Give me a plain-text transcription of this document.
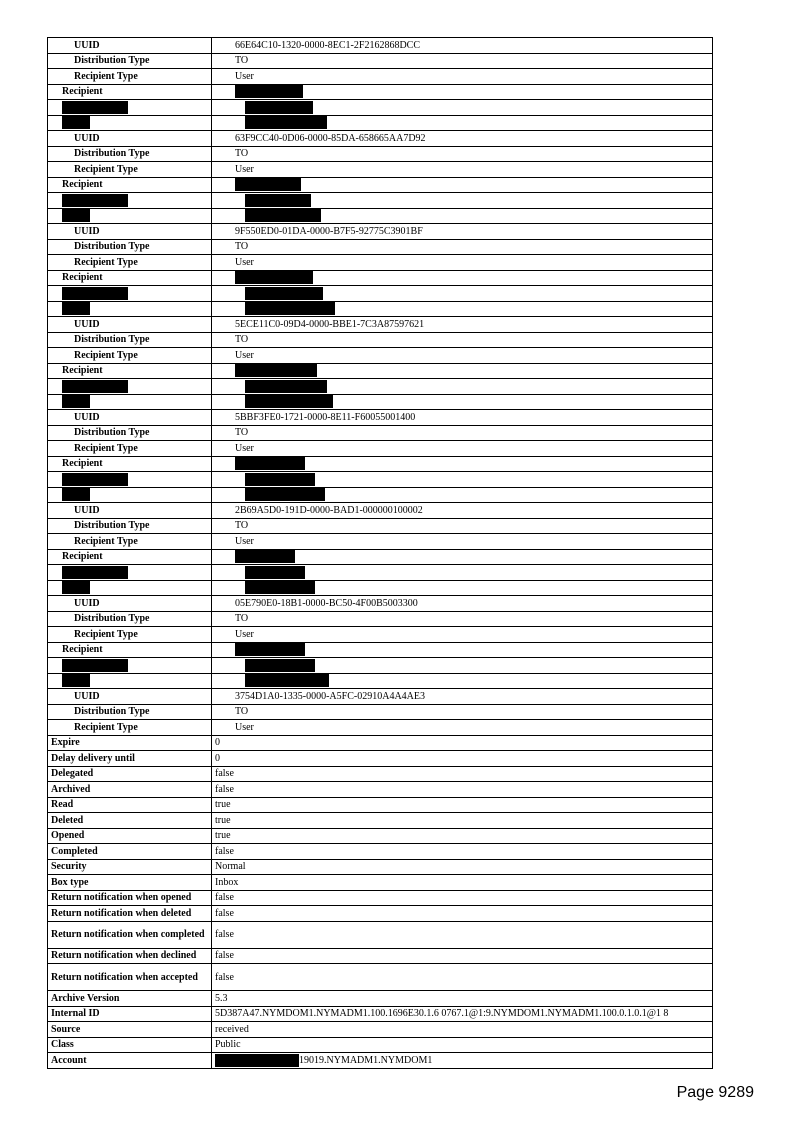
UUID	66E64C10-1320-0000-8EC1-2F2162868DCC
Distribution Type	TO
Recipient Type	User
Recipient	

UUID	63F9CC40-0D06-0000-85DA-658665AA7D92
Distribution Type	TO
Recipient Type	User
Recipient	

UUID	9F550ED0-01DA-0000-B7F5-92775C3901BF
Distribution Type	TO
Recipient Type	User
Recipient	

UUID	5ECE11C0-09D4-0000-BBE1-7C3A87597621
Distribution Type	TO
Recipient Type	User
Recipient	

UUID	5BBF3FE0-1721-0000-8E11-F60055001400
Distribution Type	TO
Recipient Type	User
Recipient	

UUID	2B69A5D0-191D-0000-BAD1-000000100002
Distribution Type	TO
Recipient Type	User
Recipient	

UUID	05E790E0-18B1-0000-BC50-4F00B5003300
Distribution Type	TO
Recipient Type	User
Recipient	

UUID	3754D1A0-1335-0000-A5FC-02910A4A4AE3
Distribution Type	TO
Recipient Type	User
Expire	0
Delay delivery until	0
Delegated	false
Archived	false
Read	true
Deleted	true
Opened	true
Completed	false
Security	Normal
Box type	Inbox
Return notification when opened	false
Return notification when deleted	false
Return notification when completed	false
Return notification when declined	false
Return notification when accepted	false
Archive Version	5.3
Internal ID	5D387A47.NYMDOM1.NYMADM1.100.1696E30.1.6 0767.1@1:9.NYMDOM1.NYMADM1.100.0.1.0.1@1 8
Source	received
Class	Public
Account	19019.NYMADM1.NYMDOM1
Page 9289
